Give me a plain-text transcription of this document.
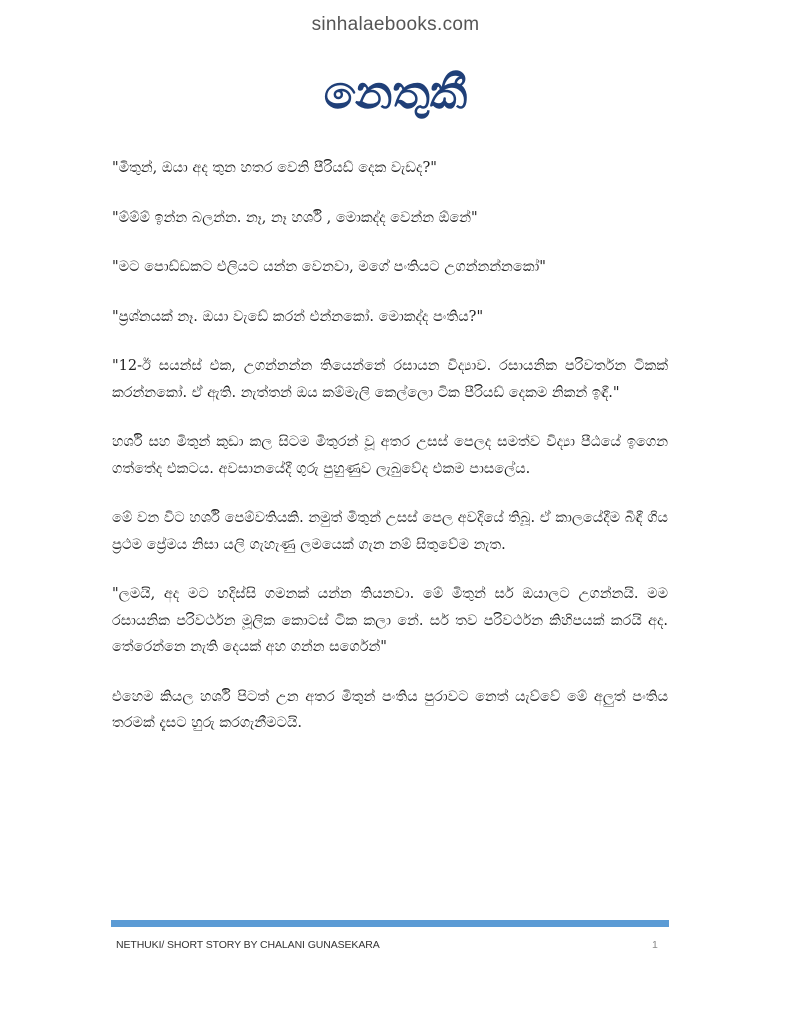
sinhalaebooks.com
නෙතුකී

"මිතුන්, ඔයා අද තුන හතර වෙනි පීරියඩ් දෙක වැඩද?"

"ම්ම්ම් ඉන්න බලන්න. නෑ, නෑ හර්ශි , මොකද්ද වෙන්න ඕනේ"

"මට පොඩ්ඩකට එලියට යන්න වෙනවා, මගේ පංතියට උගන්නන්නකෝ"

"ප්‍රශ්නයක් නෑ. ඔයා වැඩේ කරන් එන්නකෝ. මොකද්ද පංතිය?"

"12-ඊ සයන්ස් එක, උගන්නන්න තියෙන්නේ රසායන විද්‍යාව. රසායනික පරිවර්තන ටිකක් කරන්නකෝ. ඒ ඇති. නැත්තන් ඔය කම්මැලි කෙල්ලො ටික පීරියඩ් දෙකම නිකන් ඉඳී."

හර්ශි සහ මිතුන් කුඩා කල සිටම මිතුරන් වූ අතර උසස් පෙලද සමත්ව විද්‍යා පීඨයේ ඉගෙන ගත්තේද එකටය. අවසානයේදී ගුරු පුහුණුව ලැබුවේද එකම පාසලේය.

මේ වන විට හර්ශි පෙම්වතියකි. නමුත් මිතුන් උසස් පෙල අවදියේ තිබූ. ඒ කාලයේදීම බිඳී ගිය ප්‍රථම ප්‍රේමය නිසා යලි ගැහැණු ලමයෙක් ගැන නම් සිතුවේම නැත.

"ලමයි, අද මට හදිස්සි ගමනක් යන්න තියනවා. මේ මිතුන් සර් ඔයාලට උගන්නයි. මම රසායනික පරිවර්ථන මූලික කොටස් ටික කලා නේ. සර් තව පරිවර්ථන කිහිපයක් කරයි අද. තේරෙන්නෙ නැති දෙයක් අහ ගන්න සර්ගෙන්"

එහෙම කියල හර්ශි පිටත් උන අතර මිතුන් පංතිය පුරාවට නෙත් යැව්වේ මේ අලුත් පංතිය තරමක් දැසට හුරු කරගැනීමටයි.

NETHUKI/ SHORT STORY BY CHALANI GUNASEKARA	1
